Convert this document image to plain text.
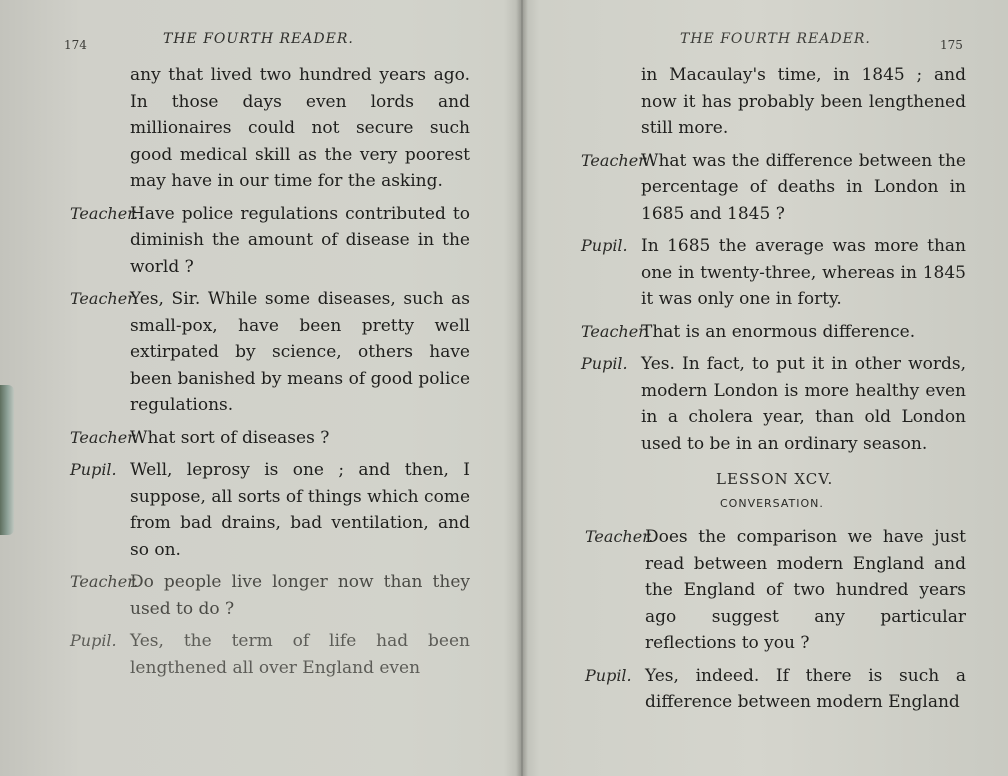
174	THE FOURTH READER.
any that lived two hundred years ago. In those days even lords and millionaires could not secure such good medical skill as the very poorest may have in our time for the asking.
Teacher.
Have police regulations contributed to diminish the amount of disease in the world ?
Teacher.
Yes, Sir. While some diseases, such as small-pox, have been pretty well extirpated by science, others have been banished by means of good police regulations.
Teacher.
What sort of diseases ?
Pupil. Well, leprosy is one ; and then, I suppose, all sorts of things which come from bad drains, bad ventilation, and so on.
Teacher.
Do people live longer now than they used to do ?
Pupil. Yes, the term of life had been lengthened all over England even
THE FOURTH READER.	175
in Macaulay's time, in 1845 ; and now it has probably been lengthened still more.
Teacher.
What was the difference between the percentage of deaths in London in 1685 and 1845 ?
Pupil. In 1685 the average was more than one in twenty-three, whereas in 1845 it was only one in forty.
Teacher.
That is an enormous difference.
Pupil. Yes. In fact, to put it in other words, modern London is more healthy even in a cholera year, than old London used to be in an ordinary season.
LESSON XCV.
CONVERSATION.
Teacher.
Does the comparison we have just read between modern England and the England of two hundred years ago suggest any particular reflections to you ?
Pupil. Yes, indeed. If there is such a difference between modern England
